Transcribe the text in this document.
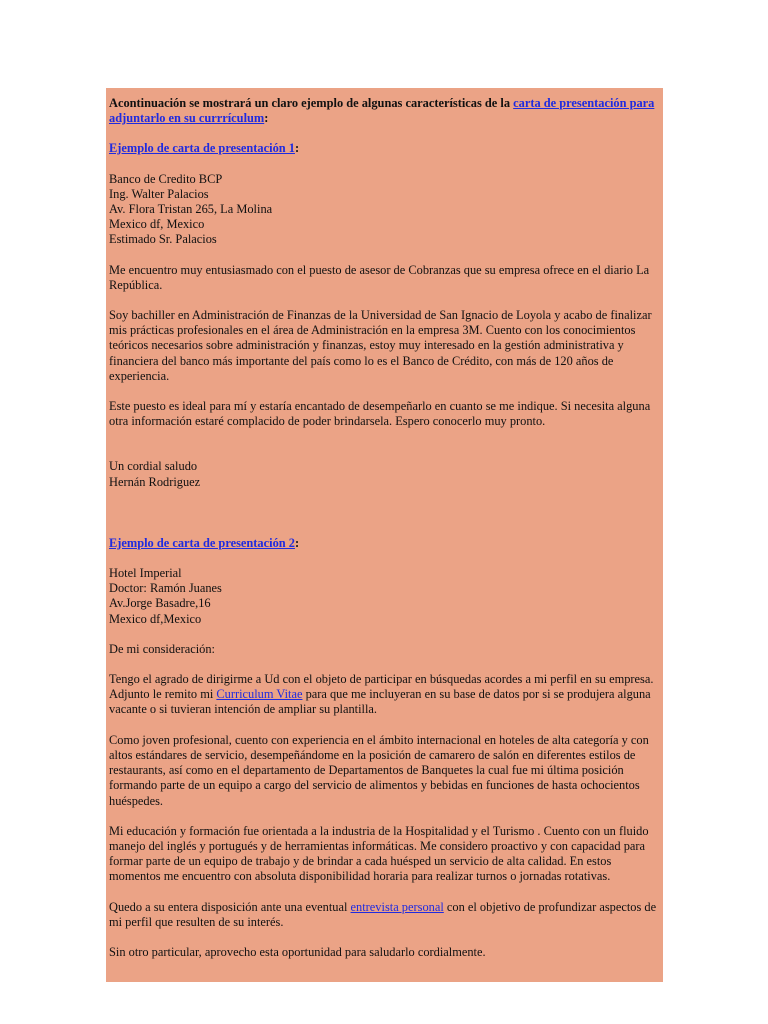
Acontinuación se mostrará un claro ejemplo de algunas características de la carta de presentación para adjuntarlo en su currrículum:

Ejemplo de carta de presentación 1:

Banco de Credito BCP
Ing. Walter Palacios
Av. Flora Tristan 265, La Molina
Mexico df, Mexico
Estimado Sr. Palacios

Me encuentro muy entusiasmado con el puesto de asesor de Cobranzas que su empresa ofrece en el diario La República.

Soy bachiller en Administración de Finanzas de la Universidad de San Ignacio de Loyola y acabo de finalizar mis prácticas profesionales en el área de Administración en la empresa 3M. Cuento con los conocimientos teóricos necesarios sobre administración y finanzas, estoy muy interesado en la gestión administrativa y financiera del banco más importante del país como lo es el Banco de Crédito, con más de 120 años de experiencia.

Este puesto es ideal para mí y estaría encantado de desempeñarlo en cuanto se me indique. Si necesita alguna otra información estaré complacido de poder brindarsela. Espero conocerlo muy pronto.

Un cordial saludo
Hernán Rodriguez

Ejemplo de carta de presentación 2:

Hotel Imperial
Doctor: Ramón Juanes
Av.Jorge Basadre,16
Mexico df,Mexico

De mi consideración:

Tengo el agrado de dirigirme a Ud con el objeto de participar en búsquedas acordes a mi perfil en su empresa. Adjunto le remito mi Curriculum Vitae para que me incluyeran en su base de datos por si se produjera alguna vacante o si tuvieran intención de ampliar su plantilla.

Como joven profesional, cuento con experiencia en el ámbito internacional en hoteles de alta categoría y con altos estándares de servicio, desempeñándome en la posición de camarero de salón en diferentes estilos de restaurants, así como en el departamento de Departamentos de Banquetes la cual fue mi última posición formando parte de un equipo a cargo del servicio de alimentos y bebidas en funciones de hasta ochocientos huéspedes.

Mi educación y formación fue orientada a la industria de la Hospitalidad y el Turismo . Cuento con un fluido manejo del inglés y portugués y de herramientas informáticas. Me considero proactivo y con capacidad para formar parte de un equipo de trabajo y de brindar a cada huésped un servicio de alta calidad. En estos momentos me encuentro con absoluta disponibilidad horaria para realizar turnos o jornadas rotativas.

Quedo a su entera disposición ante una eventual entrevista personal con el objetivo de profundizar aspectos de mi perfil que resulten de su interés.

Sin otro particular, aprovecho esta oportunidad para saludarlo cordialmente.
